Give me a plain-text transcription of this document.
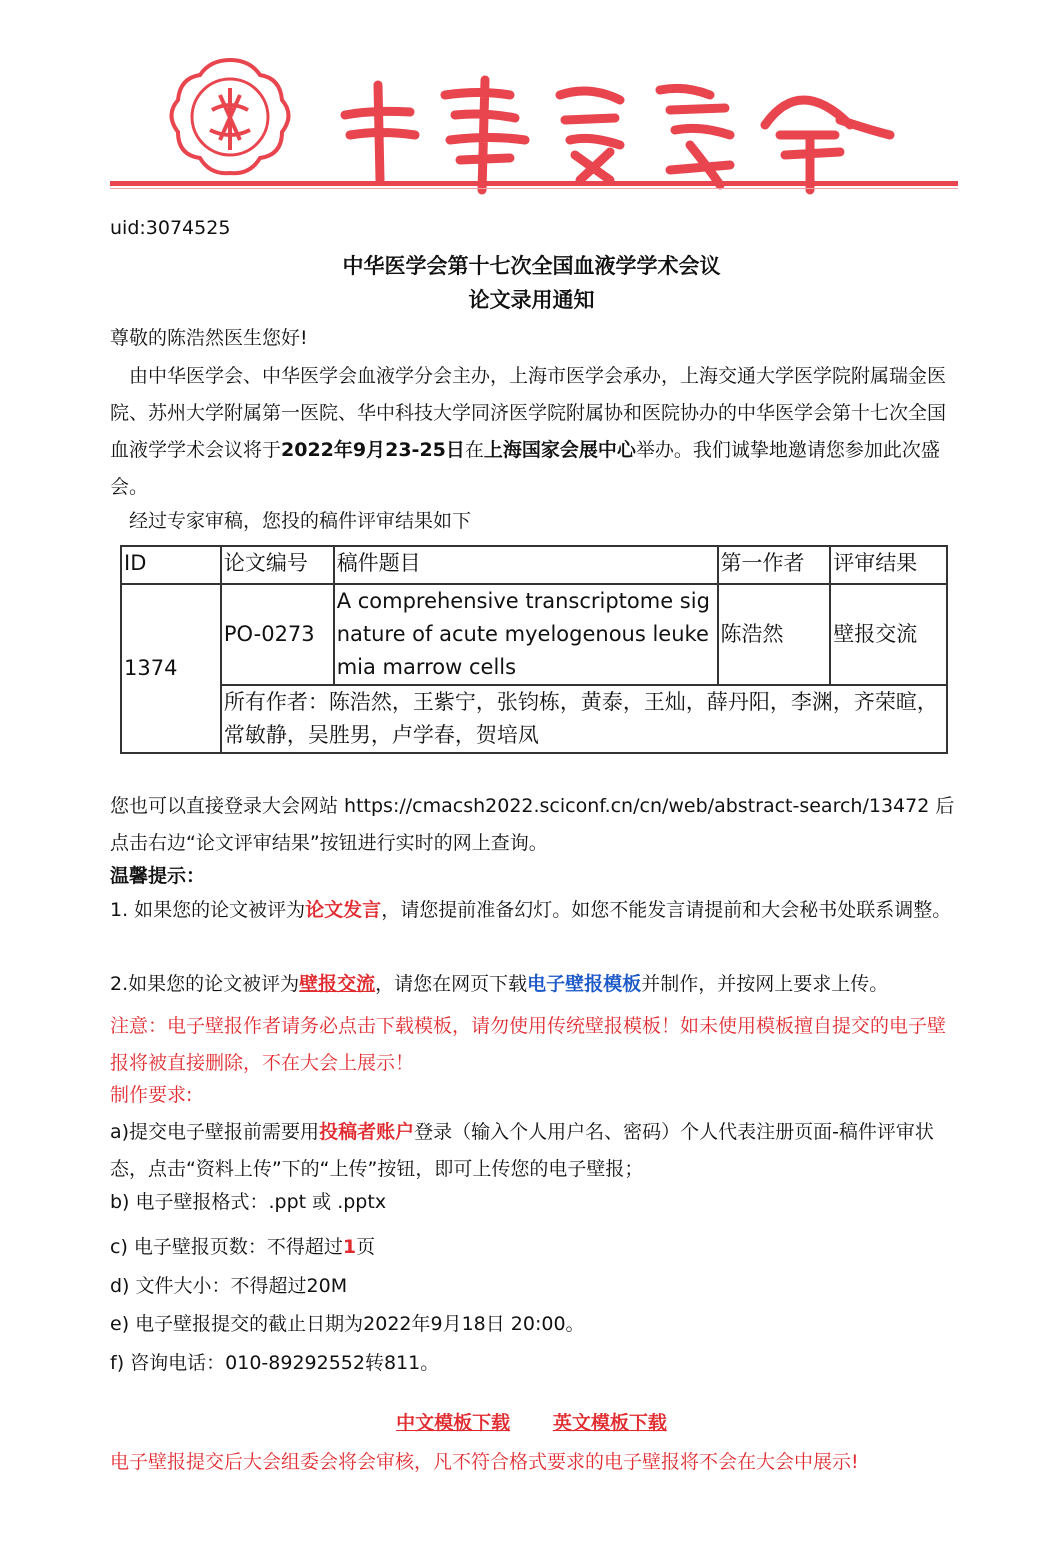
uid:3074525
中华医学会第十七次全国血液学学术会议
论文录用通知
尊敬的陈浩然医生您好!
由中华医学会、中华医学会血液学分会主办，上海市医学会承办，上海交通大学医学院附属瑞金医院、苏州大学附属第一医院、华中科技大学同济医学院附属协和医院协办的中华医学会第十七次全国血液学学术会议将于2022年9月23-25日在上海国家会展中心举办。我们诚挚地邀请您参加此次盛会。
经过专家审稿，您投的稿件评审结果如下
ID	论文编号	稿件题目	第一作者	评审结果
1374	PO-0273	A comprehensive transcriptome signature of acute myelogenous leukemia marrow cells	陈浩然	壁报交流
	所有作者：陈浩然，王紫宁，张钧栋，黄泰，王灿，薛丹阳，李渊，齐荣暄，常敏静，吴胜男，卢学春，贺培凤			
您也可以直接登录大会网站 https://cmacsh2022.sciconf.cn/cn/web/abstract-search/13472 后点击右边“论文评审结果”按钮进行实时的网上查询。
温馨提示：
1. 如果您的论文被评为论文发言，请您提前准备幻灯。如您不能发言请提前和大会秘书处联系调整。
2.如果您的论文被评为壁报交流，请您在网页下载电子壁报模板并制作，并按网上要求上传。
注意：电子壁报作者请务必点击下载模板，请勿使用传统壁报模板！如未使用模板擅自提交的电子壁报将被直接删除，不在大会上展示！
制作要求:
a)提交电子壁报前需要用投稿者账户登录（输入个人用户名、密码）个人代表注册页面-稿件评审状态，点击“资料上传”下的“上传”按钮，即可上传您的电子壁报；
b) 电子壁报格式：.ppt 或 .pptx
c) 电子壁报页数：不得超过1页
d) 文件大小：不得超过20M
e) 电子壁报提交的截止日期为2022年9月18日 20:00。
f) 咨询电话：010-89292552转811。
中文模板下载 英文模板下载
电子壁报提交后大会组委会将会审核，凡不符合格式要求的电子壁报将不会在大会中展示!
